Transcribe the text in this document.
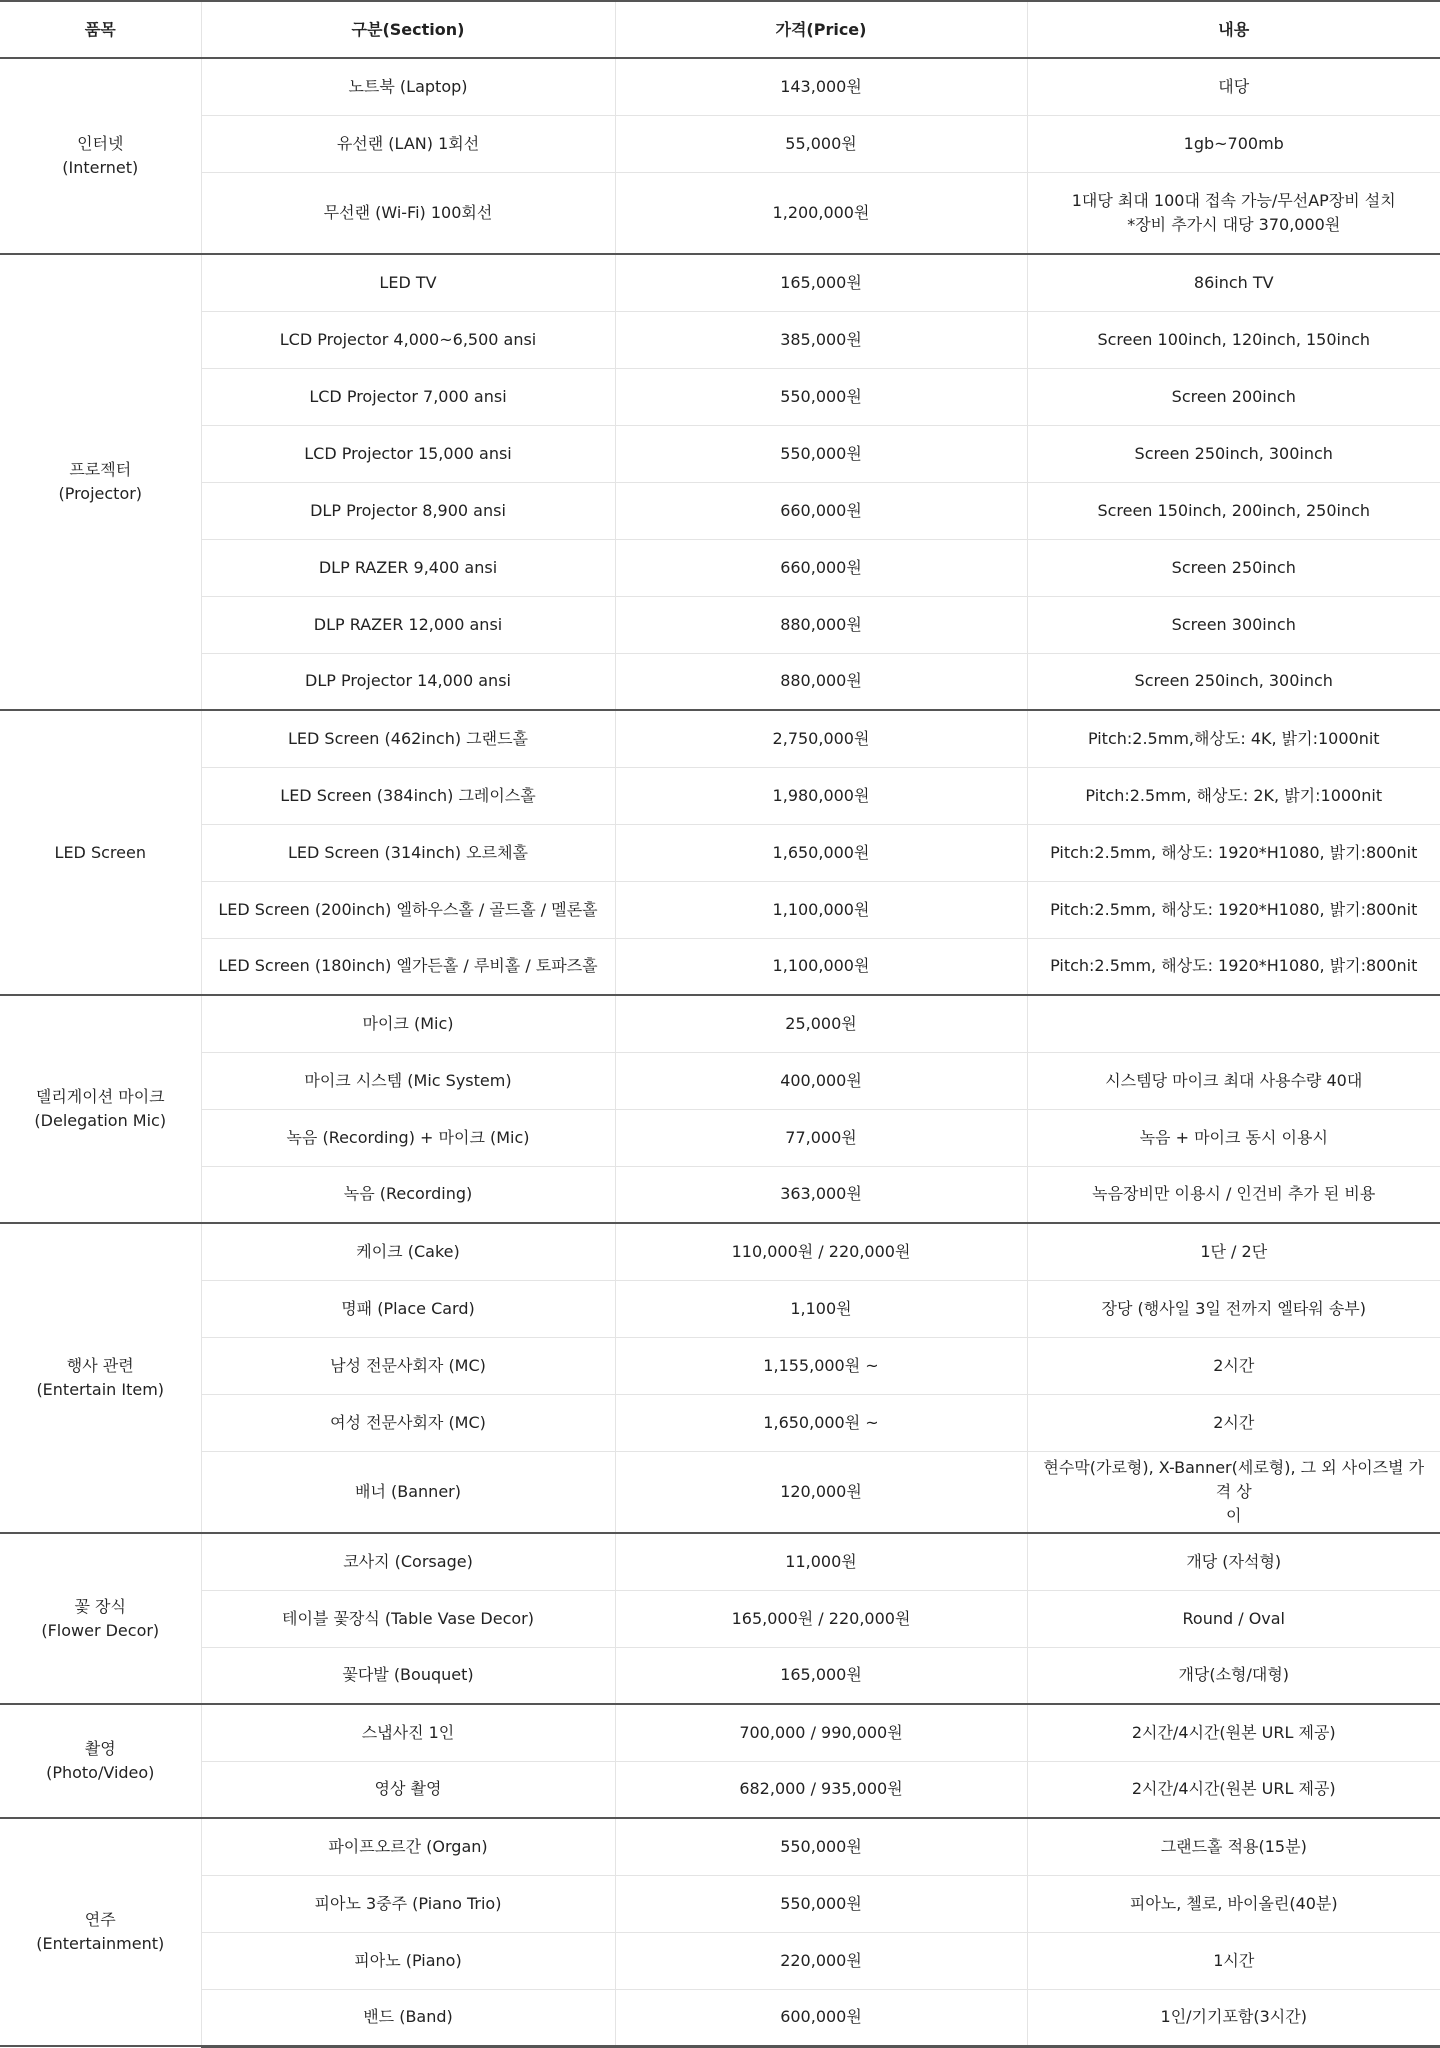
품목	구분(Section)	가격(Price)	내용

인터넷
(Internet)	노트북 (Laptop)	143,000원	대당

	유선랜 (LAN) 1회선	55,000원	1gb~700mb

	무선랜 (Wi-Fi) 100회선	1,200,000원	1대당 최대 100대 접속 가능/무선AP장비 설치
*장비 추가시 대당 370,000원

프로젝터
(Projector)	LED TV	165,000원	86inch TV

	LCD Projector 4,000~6,500 ansi	385,000원	Screen 100inch, 120inch, 150inch

	LCD Projector 7,000 ansi	550,000원	Screen 200inch

	LCD Projector 15,000 ansi	550,000원	Screen 250inch, 300inch

	DLP Projector 8,900 ansi	660,000원	Screen 150inch, 200inch, 250inch

	DLP RAZER 9,400 ansi	660,000원	Screen 250inch

	DLP RAZER 12,000 ansi	880,000원	Screen 300inch

	DLP Projector 14,000 ansi	880,000원	Screen 250inch, 300inch

LED Screen	LED Screen (462inch) 그랜드홀	2,750,000원	Pitch:2.5mm,해상도: 4K, 밝기:1000nit

	LED Screen (384inch) 그레이스홀	1,980,000원	Pitch:2.5mm, 해상도: 2K, 밝기:1000nit

	LED Screen (314inch) 오르체홀	1,650,000원	Pitch:2.5mm, 해상도: 1920*H1080, 밝기:800nit

	LED Screen (200inch) 엘하우스홀 / 골드홀 / 멜론홀	1,100,000원	Pitch:2.5mm, 해상도: 1920*H1080, 밝기:800nit

	LED Screen (180inch) 엘가든홀 / 루비홀 / 토파즈홀	1,100,000원	Pitch:2.5mm, 해상도: 1920*H1080, 밝기:800nit

델리게이션 마이크
(Delegation Mic)	마이크 (Mic)	25,000원	

	마이크 시스템 (Mic System)	400,000원	시스템당 마이크 최대 사용수량 40대

	녹음 (Recording) + 마이크 (Mic)	77,000원	녹음 + 마이크 동시 이용시

	녹음 (Recording)	363,000원	녹음장비만 이용시 / 인건비 추가 된 비용

행사 관련
(Entertain Item)	케이크 (Cake)	110,000원 / 220,000원	1단 / 2단

	명패 (Place Card)	1,100원	장당 (행사일 3일 전까지 엘타워 송부)

	남성 전문사회자 (MC)	1,155,000원 ~	2시간

	여성 전문사회자 (MC)	1,650,000원 ~	2시간

	배너 (Banner)	120,000원	현수막(가로형), X-Banner(세로형), 그 외 사이즈별 가격 상
이

꽃 장식
(Flower Decor)	코사지 (Corsage)	11,000원	개당 (자석형)

	테이블 꽃장식 (Table Vase Decor)	165,000원 / 220,000원	Round / Oval

	꽃다발 (Bouquet)	165,000원	개당(소형/대형)

촬영
(Photo/Video)	스냅사진 1인	700,000 / 990,000원	2시간/4시간(원본 URL 제공)

	영상 촬영	682,000 / 935,000원	2시간/4시간(원본 URL 제공)

연주
(Entertainment)	파이프오르간 (Organ)	550,000원	그랜드홀 적용(15분)

	피아노 3중주 (Piano Trio)	550,000원	피아노, 첼로, 바이올린(40분)

	피아노 (Piano)	220,000원	1시간

	밴드 (Band)	600,000원	1인/기기포함(3시간)
